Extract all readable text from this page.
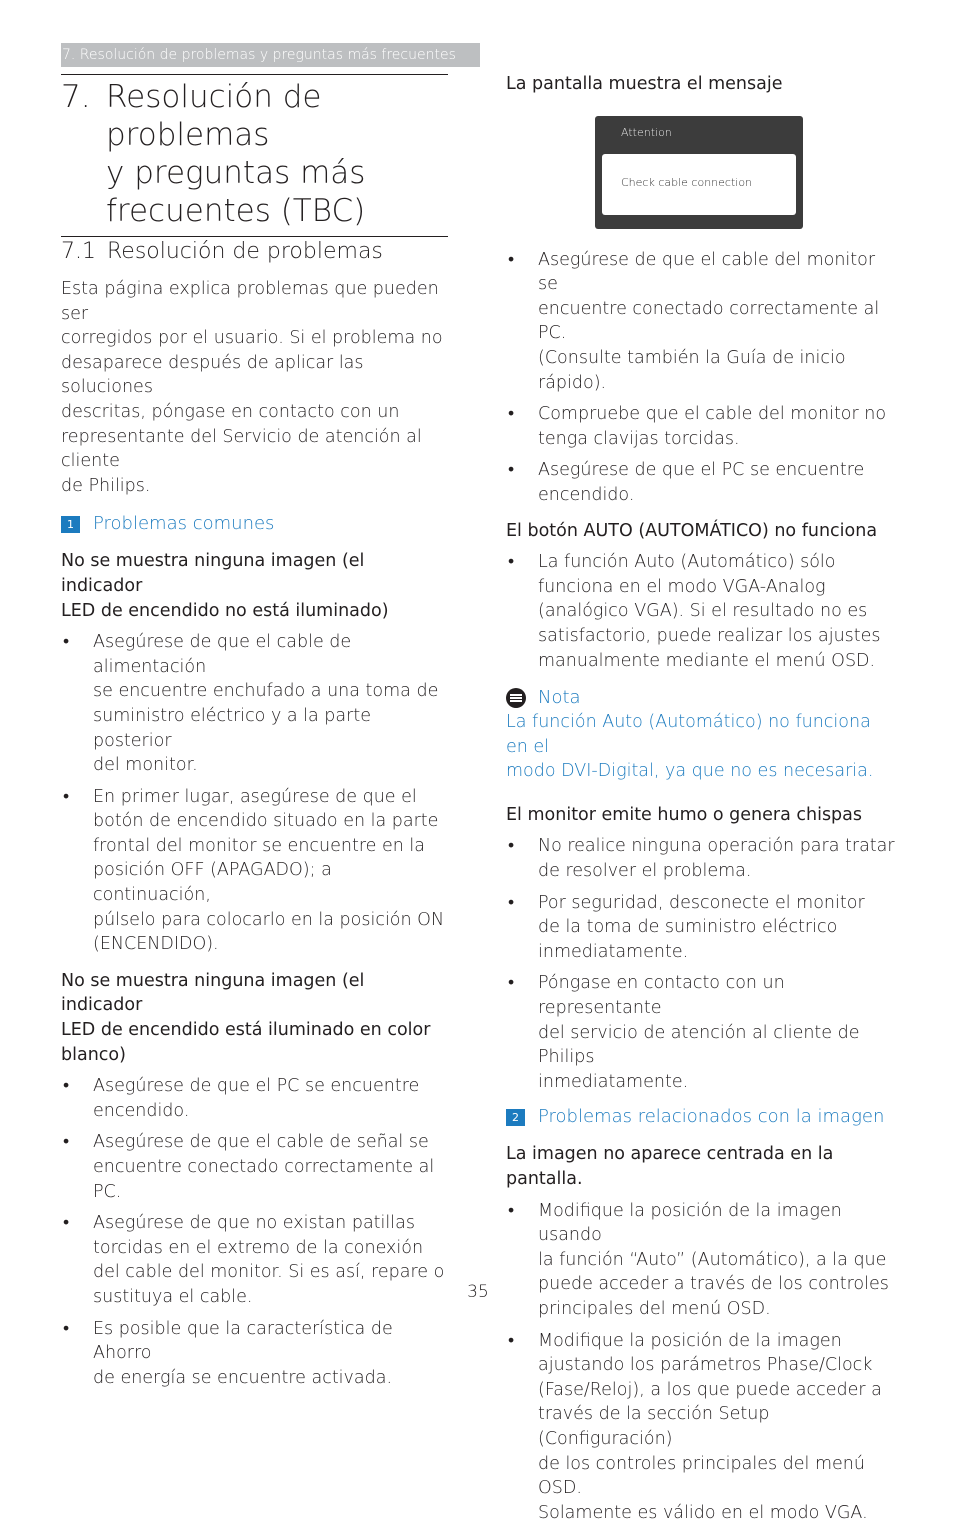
7. Resolución de problemas y preguntas más frecuentes
7. Resolución de problemas
y preguntas más
frecuentes (TBC)
7.1 Resolución de problemas

Esta página explica problemas que pueden ser

corregidos por el usuario. Si el problema no

desaparece después de aplicar las soluciones

descritas, póngase en contacto con un

representante del Servicio de atención al cliente

de Philips.

1	Problemas comunes
No se muestra ninguna imagen (el indicador
LED de encendido no está iluminado)
• Asegúrese de que el cable de alimentación
se encuentre enchufado a una toma de
suministro eléctrico y a la parte posterior
del monitor.
• En primer lugar, asegúrese de que el
botón de encendido situado en la parte
frontal del monitor se encuentre en la
posición OFF (APAGADO); a continuación,
púlselo para colocarlo en la posición ON
(ENCENDIDO).
No se muestra ninguna imagen (el indicador
LED de encendido está iluminado en color
blanco)
• Asegúrese de que el PC se encuentre
encendido.
• Asegúrese de que el cable de señal se
encuentre conectado correctamente al PC.
• Asegúrese de que no existan patillas
torcidas en el extremo de la conexión
del cable del monitor. Si es así, repare o
sustituya el cable.
• Es posible que la característica de Ahorro
de energía se encuentre activada.
La pantalla muestra el mensaje
Attention
Check cable connection
• Asegúrese de que el cable del monitor se
encuentre conectado correctamente al PC.
(Consulte también la Guía de inicio rápido).
• Compruebe que el cable del monitor no
tenga clavijas torcidas.
• Asegúrese de que el PC se encuentre
encendido.
El botón AUTO (AUTOMÁTICO) no funciona
• La función Auto (Automático) sólo
funciona en el modo VGA-Analog
(analógico VGA). Si el resultado no es
satisfactorio, puede realizar los ajustes
manualmente mediante el menú OSD.
Nota

La función Auto (Automático) no funciona en el

modo DVI-Digital, ya que no es necesaria.

El monitor emite humo o genera chispas
• No realice ninguna operación para tratar
de resolver el problema.
• Por seguridad, desconecte el monitor
de la toma de suministro eléctrico
inmediatamente.
• Póngase en contacto con un representante
del servicio de atención al cliente de Philips
inmediatamente.
2	Problemas relacionados con la imagen
La imagen no aparece centrada en la pantalla.
• Modifique la posición de la imagen usando
la función “Auto” (Automático), a la que
puede acceder a través de los controles
principales del menú OSD.
• Modifique la posición de la imagen
ajustando los parámetros Phase/Clock
(Fase/Reloj), a los que puede acceder a
través de la sección Setup (Configuración)
de los controles principales del menú OSD.
Solamente es válido en el modo VGA.
35
